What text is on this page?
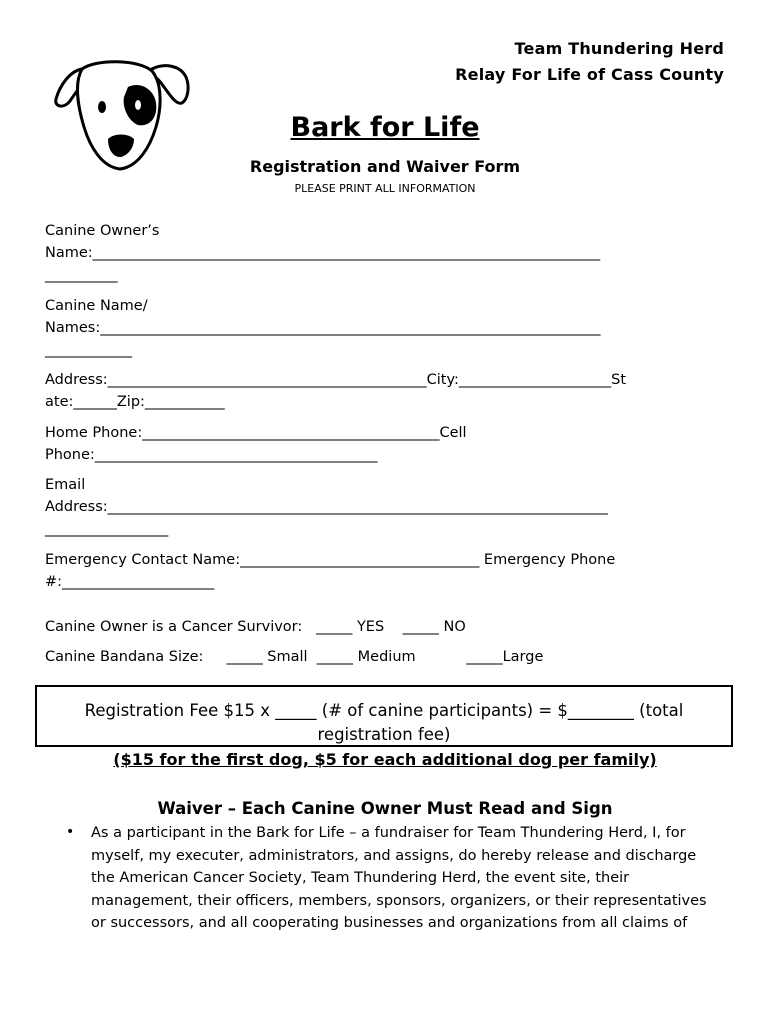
Team Thundering Herd
Relay For Life of Cass County
Bark for Life
Registration and Waiver Form
PLEASE PRINT ALL INFORMATION
Canine Owner’s
Name:______________________________________________________________________
__________
Canine Name/
Names:_____________________________________________________________________
____________
Address:____________________________________________City:_____________________St
ate:______Zip:___________
Home Phone:_________________________________________Cell
Phone:_______________________________________
Email
Address:_____________________________________________________________________
_________________
Emergency Contact Name:_________________________________ Emergency Phone
#:_____________________
Canine Owner is a Cancer Survivor:   _____ YES    _____ NO
Canine Bandana Size:     _____ Small  _____ Medium           _____Large
Registration Fee $15 x _____ (# of canine participants) = $________ (total registration fee)
($15 for the first dog, $5 for each additional dog per family)
Waiver – Each Canine Owner Must Read and Sign
• As a participant in the Bark for Life – a fundraiser for Team Thundering Herd, I, for myself, my executer, administrators, and assigns, do hereby release and discharge the American Cancer Society, Team Thundering Herd, the event site, their management, their officers, members, sponsors, organizers, or their representatives or successors, and all cooperating businesses and organizations from all claims of
